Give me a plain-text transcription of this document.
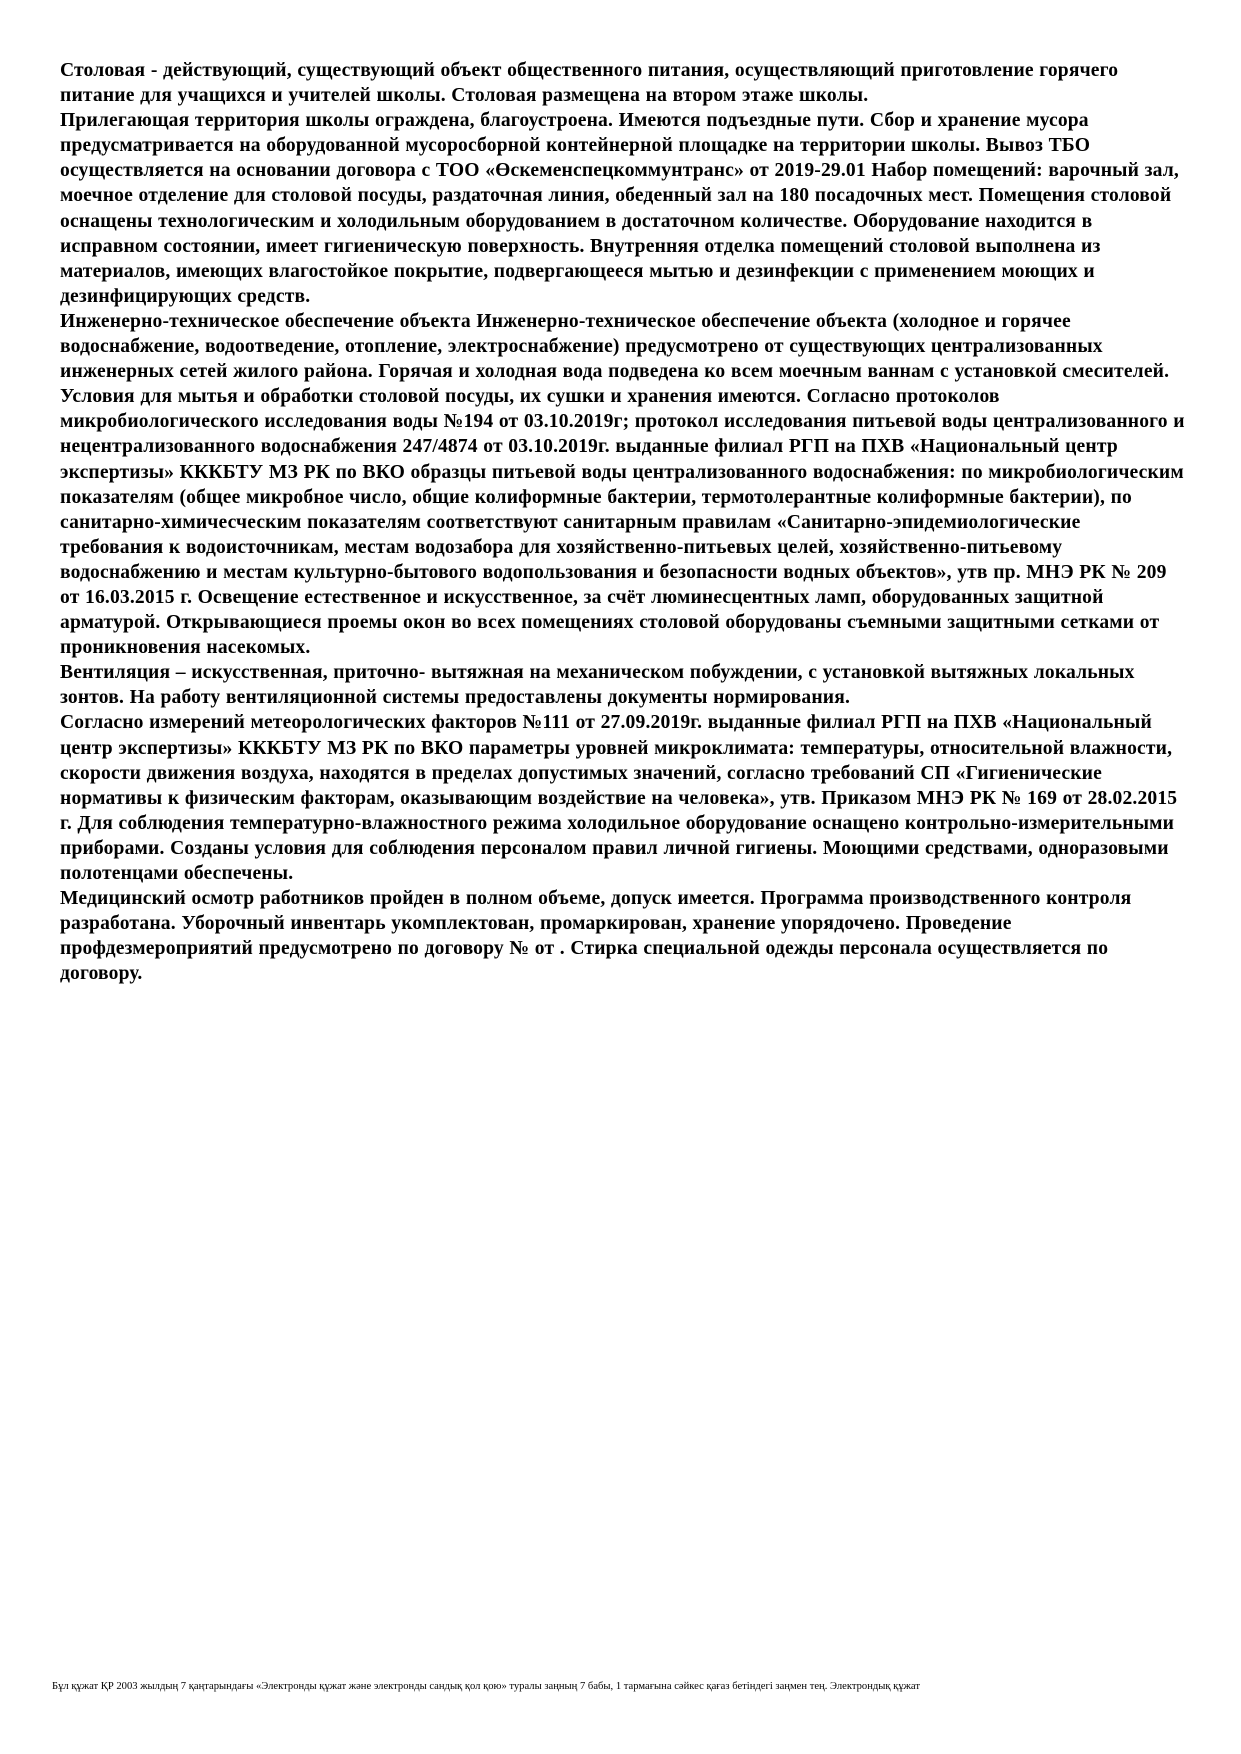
Столовая - действующий, существующий объект общественного питания, осуществляющий приготовление горячего питание для учащихся и учителей школы. Столовая размещена на втором этаже школы.

Прилегающая территория школы ограждена, благоустроена. Имеются подъездные пути. Сбор и хранение мусора предусматривается на оборудованной мусоросборной контейнерной площадке на территории школы. Вывоз ТБО осуществляется на основании договора с ТОО «Өскеменспецкоммунтранс» от 2019-29.01 Набор помещений: варочный зал, моечное отделение для столовой посуды, раздаточная линия, обеденный зал на 180 посадочных мест. Помещения столовой оснащены технологическим и холодильным оборудованием в достаточном количестве. Оборудование находится в исправном состоянии, имеет гигиеническую поверхность. Внутренняя отделка помещений столовой выполнена из материалов, имеющих влагостойкое покрытие, подвергающееся мытью и дезинфекции с применением моющих и дезинфицирующих средств.

Инженерно-техническое обеспечение объекта Инженерно-техническое обеспечение объекта (холодное и горячее водоснабжение, водоотведение, отопление, электроснабжение) предусмотрено от существующих централизованных инженерных сетей жилого района. Горячая и холодная вода подведена ко всем моечным ваннам с установкой смесителей. Условия для мытья и обработки столовой посуды, их сушки и хранения имеются. Согласно протоколов микробиологического исследования воды №194 от 03.10.2019г; протокол исследования питьевой воды централизованного и нецентрализованного водоснабжения 247/4874 от 03.10.2019г. выданные филиал РГП на ПХВ «Национальный центр экспертизы» КККБТУ МЗ РК по ВКО образцы питьевой воды централизованного водоснабжения: по микробиологическим показателям (общее микробное число, общие колиформные бактерии, термотолерантные колиформные бактерии), по санитарно-химичесческим показателям соответствуют санитарным правилам «Санитарно-эпидемиологические требования к водоисточникам, местам водозабора для хозяйственно-питьевых целей, хозяйственно-питьевому водоснабжению и местам культурно-бытового водопользования и безопасности водных объектов», утв пр. МНЭ РК № 209 от 16.03.2015 г. Освещение естественное и искусственное, за счёт люминесцентных ламп, оборудованных защитной арматурой. Открывающиеся проемы окон во всех помещениях столовой оборудованы съемными защитными сетками от проникновения насекомых.

Вентиляция – искусственная, приточно- вытяжная на механическом побуждении, с установкой вытяжных локальных зонтов. На работу вентиляционной системы предоставлены документы нормирования.

Согласно измерений метеорологических факторов №111 от 27.09.2019г. выданные филиал РГП на ПХВ «Национальный центр экспертизы» КККБТУ МЗ РК по ВКО параметры уровней микроклимата: температуры, относительной влажности, скорости движения воздуха, находятся в пределах допустимых значений, согласно требований СП «Гигиенические нормативы к физическим факторам, оказывающим воздействие на человека», утв. Приказом МНЭ РК № 169 от 28.02.2015 г. Для соблюдения температурно-влажностного режима холодильное оборудование оснащено контрольно-измерительными приборами. Созданы условия для соблюдения персоналом правил личной гигиены. Моющими средствами, одноразовыми полотенцами обеспечены.

Медицинский осмотр работников пройден в полном объеме, допуск имеется. Программа производственного контроля разработана. Уборочный инвентарь укомплектован, промаркирован, хранение упорядочено. Проведение профдезмероприятий предусмотрено по договору № от . Стирка специальной одежды персонала осуществляется по договору.

Бұл құжат ҚР 2003 жылдың 7 қаңтарындағы «Электронды құжат және электронды сандық қол қою» туралы заңның 7 бабы, 1 тармағына сәйкес қағаз бетіндегі заңмен тең. Электрондық құжат
